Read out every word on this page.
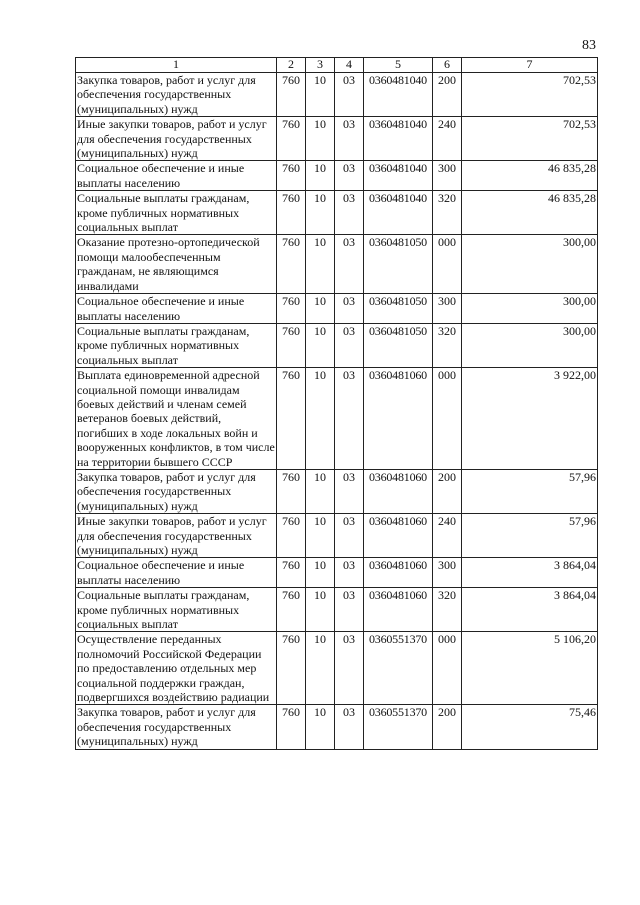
83
1	2	3	4	5	6	7
Закупка товаров, работ и услуг для обеспечения государственных (муниципальных) нужд	760	10	03	0360481040	200	702,53
Иные закупки товаров, работ и услуг для обеспечения государственных (муниципальных) нужд	760	10	03	0360481040	240	702,53
Социальное обеспечение и иные выплаты населению	760	10	03	0360481040	300	46 835,28
Социальные выплаты гражданам, кроме публичных нормативных социальных выплат	760	10	03	0360481040	320	46 835,28
Оказание протезно-ортопедической помощи малообеспеченным гражданам, не являющимся инвалидами	760	10	03	0360481050	000	300,00
Социальное обеспечение и иные выплаты населению	760	10	03	0360481050	300	300,00
Социальные выплаты гражданам, кроме публичных нормативных социальных выплат	760	10	03	0360481050	320	300,00
Выплата единовременной адресной социальной помощи инвалидам боевых действий и членам семей ветеранов боевых действий, погибших в ходе локальных войн и вооруженных конфликтов, в том числе на территории бывшего СССР	760	10	03	0360481060	000	3 922,00
Закупка товаров, работ и услуг для обеспечения государственных (муниципальных) нужд	760	10	03	0360481060	200	57,96
Иные закупки товаров, работ и услуг для обеспечения государственных (муниципальных) нужд	760	10	03	0360481060	240	57,96
Социальное обеспечение и иные выплаты населению	760	10	03	0360481060	300	3 864,04
Социальные выплаты гражданам, кроме публичных нормативных социальных выплат	760	10	03	0360481060	320	3 864,04
Осуществление переданных полномочий Российской Федерации по предоставлению отдельных мер социальной поддержки граждан, подвергшихся воздействию радиации	760	10	03	0360551370	000	5 106,20
Закупка товаров, работ и услуг для обеспечения государственных (муниципальных) нужд	760	10	03	0360551370	200	75,46
